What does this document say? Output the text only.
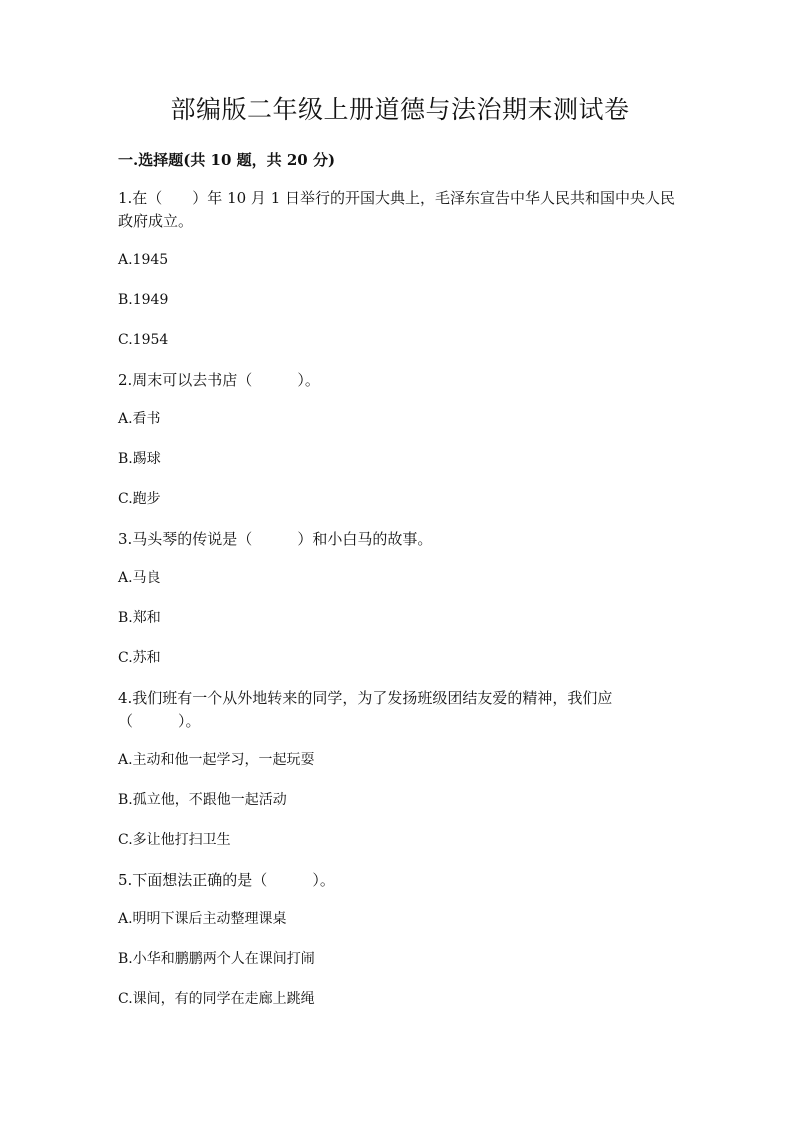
部编版二年级上册道德与法治期末测试卷
一.选择题(共 10 题，共 20 分)

1.在（　　）年 10 月 1 日举行的开国大典上，毛泽东宣告中华人民共和国中央人民政府成立。

A.1945

B.1949

C.1954

2.周末可以去书店（　　　）。

A.看书

B.踢球

C.跑步

3.马头琴的传说是（　　　）和小白马的故事。

A.马良

B.郑和

C.苏和

4.我们班有一个从外地转来的同学，为了发扬班级团结友爱的精神，我们应（　　　）。

A.主动和他一起学习，一起玩耍

B.孤立他，不跟他一起活动

C.多让他打扫卫生

5.下面想法正确的是（　　　）。

A.明明下课后主动整理课桌

B.小华和鹏鹏两个人在课间打闹

C.课间，有的同学在走廊上跳绳
